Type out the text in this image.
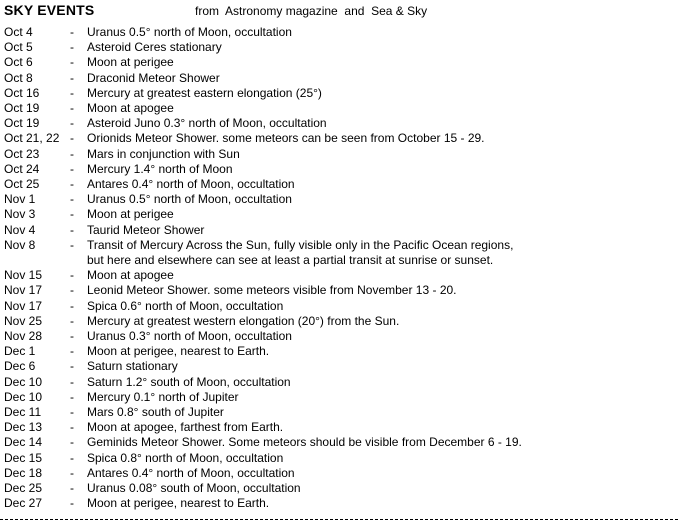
SKY EVENTS	from  Astronomy magazine  and  Sea & Sky
Oct 4	-	Uranus 0.5° north of Moon, occultation
Oct 5	-	Asteroid Ceres stationary
Oct 6	-	Moon at perigee
Oct 8	-	Draconid Meteor Shower
Oct 16	-	Mercury at greatest eastern elongation (25°)
Oct 19	-	Moon at apogee
Oct 19	-	Asteroid Juno 0.3° north of Moon, occultation
Oct 21, 22 -	Orionids Meteor Shower. some meteors can be seen from October 15 - 29.
Oct 23	-	Mars in conjunction with Sun
Oct 24	-	Mercury 1.4° north of Moon
Oct 25	-	Antares 0.4° north of Moon, occultation
Nov 1	-	Uranus 0.5° north of Moon, occultation
Nov 3	-	Moon at perigee
Nov 4	-	Taurid Meteor Shower
Nov 8	-	Transit of Mercury Across the Sun, fully visible only in the Pacific Ocean regions,
but here and elsewhere can see at least a partial transit at sunrise or sunset.
Nov 15	-	Moon at apogee
Nov 17	-	Leonid Meteor Shower. some meteors visible from November 13 - 20.
Nov 17	-	Spica 0.6° north of Moon, occultation
Nov 25	-	Mercury at greatest western elongation (20°) from the Sun.
Nov 28	-	Uranus 0.3° north of Moon, occultation
Dec 1	-	Moon at perigee, nearest to Earth.
Dec 6	-	Saturn stationary
Dec 10	-	Saturn 1.2° south of Moon, occultation
Dec 10	-	Mercury 0.1° north of Jupiter
Dec 11	-	Mars 0.8° south of Jupiter
Dec 13	-	Moon at apogee, farthest from Earth.
Dec 14	-	Geminids Meteor Shower. Some meteors should be visible from December 6 - 19.
Dec 15	-	Spica 0.8° north of Moon, occultation
Dec 18	-	Antares 0.4° north of Moon, occultation
Dec 25	-	Uranus 0.08° south of Moon, occultation
Dec 27	-	Moon at perigee, nearest to Earth.
